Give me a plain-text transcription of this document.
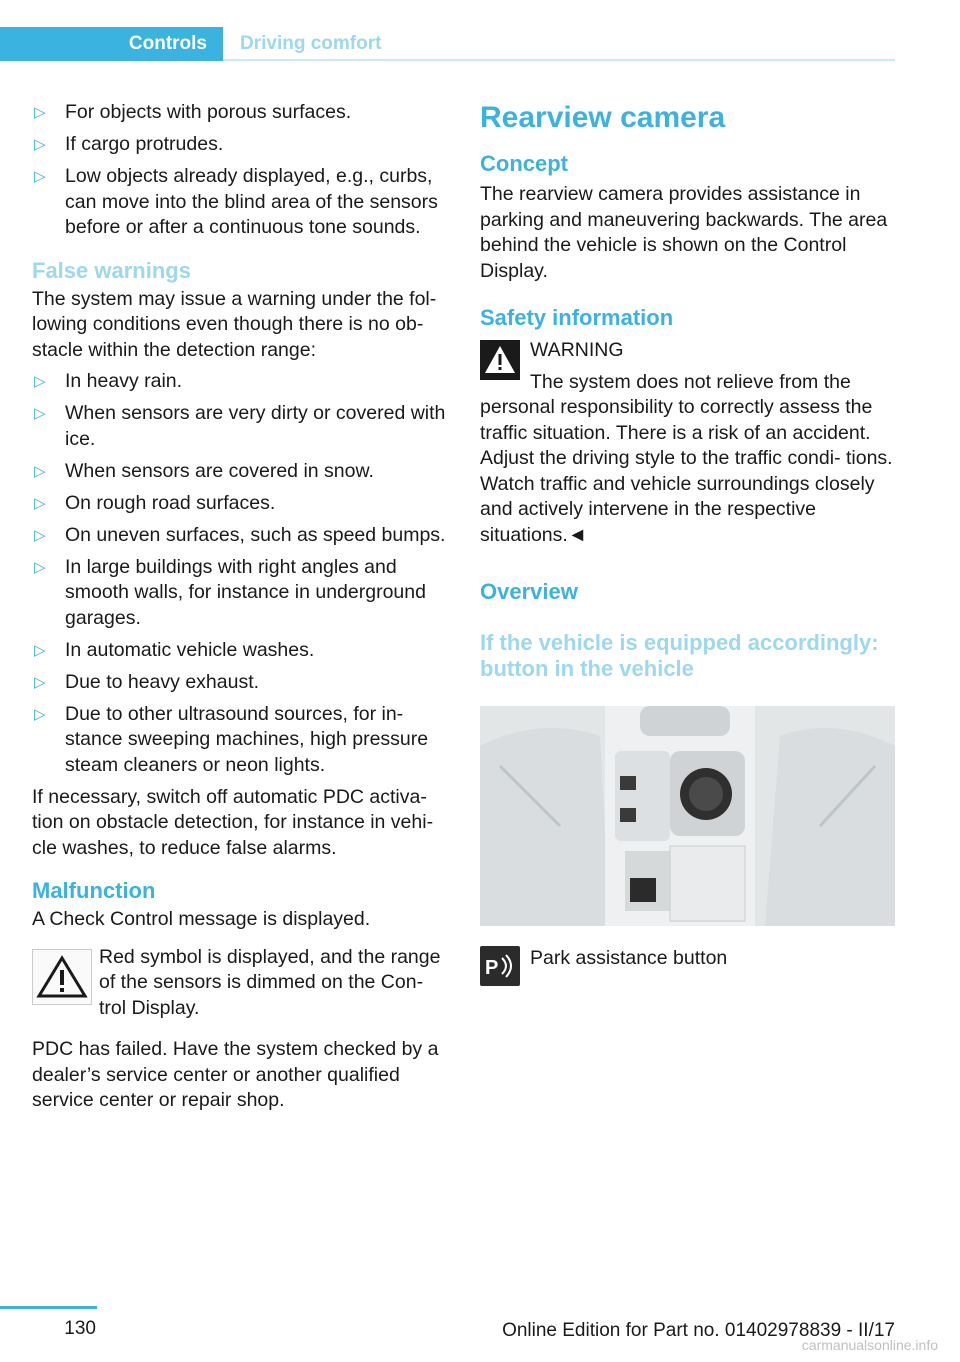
Controls	Driving comfort
▷ For objects with porous surfaces.
▷ If cargo protrudes.
▷ Low objects already displayed, e.g., curbs, can move into the blind area of the sensors before or after a continuous tone sounds.
False warnings

The system may issue a warning under the fol‐ lowing conditions even though there is no ob‐ stacle within the detection range:

▷ In heavy rain.
▷ When sensors are very dirty or covered with ice.
▷ When sensors are covered in snow.
▷ On rough road surfaces.
▷ On uneven surfaces, such as speed bumps.
▷ In large buildings with right angles and smooth walls, for instance in underground garages.
▷ In automatic vehicle washes.
▷ Due to heavy exhaust.
▷ Due to other ultrasound sources, for in‐ stance sweeping machines, high pressure steam cleaners or neon lights.

If necessary, switch off automatic PDC activa‐ tion on obstacle detection, for instance in vehi‐ cle washes, to reduce false alarms.

Malfunction

A Check Control message is displayed.

Red symbol is displayed, and the range of the sensors is dimmed on the Con‐ trol Display.

PDC has failed. Have the system checked by a dealer’s service center or another qualified service center or repair shop.

Rearview camera
Concept

The rearview camera provides assistance in parking and maneuvering backwards. The area behind the vehicle is shown on the Control Display.

Safety information
WARNING

The system does not relieve from the personal responsibility to correctly assess the traffic situation. There is a risk of an accident. Adjust the driving style to the traffic condi‐ tions. Watch traffic and vehicle surroundings closely and actively intervene in the respective situations.◄

Overview
If the vehicle is equipped accordingly: button in the vehicle
P Park assistance button
130	Online Edition for Part no. 01402978839 - II/17
carmanualsonline.info
